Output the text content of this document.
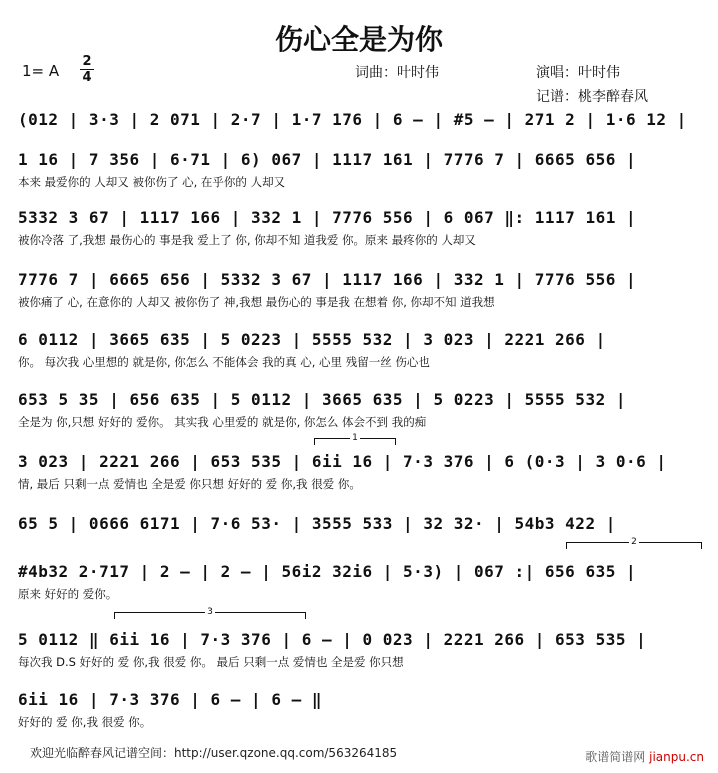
伤心全是为你
1= A
2
4	词曲：叶时伟	演唱：叶时伟
记谱：桃李醉春风
(012 | 3·3 | 2 071 | 2·7 | 1·7 176 | 6 – | #5 – | 271 2 | 1·6 12 |
1 16 | 7 356 | 6·71 | 6) 067 | 1117 161 | 7776 7 | 6665 656 |
本来 最爱你的 人却又 被你伤了 心, 在乎你的 人却又
5332 3 67 | 1117 166 | 332 1 | 7776 556 | 6 067 ‖: 1117 161 |
被你冷落 了,我想 最伤心的 事是我 爱上了 你, 你却不知 道我爱 你。原来 最疼你的 人却又
7776 7 | 6665 656 | 5332 3 67 | 1117 166 | 332 1 | 7776 556 |
被你痛了 心, 在意你的 人却又 被你伤了 神,我想 最伤心的 事是我 在想着 你, 你却不知 道我想
6 0112 | 3665 635 | 5 0223 | 5555 532 | 3 023 | 2221 266 |
你。 每次我 心里想的 就是你, 你怎么 不能体会 我的真 心, 心里 残留一丝 伤心也
653 5 35 | 656 635 | 5 0112 | 3665 635 | 5 0223 | 5555 532 |
全是为 你,只想 好好的 爱你。 其实我 心里爱的 就是你, 你怎么 体会不到 我的痴
1
3 023 | 2221 266 | 653 535 | 6ii 16 | 7·3 376 | 6 (0·3 | 3 0·6 |
情, 最后 只剩一点 爱情也 全是爱 你只想 好好的 爱 你,我 很爱 你。
65 5 | 0666 6171 | 7·6 53· | 3555 533 | 32 32· | 54b3 422 |
2
#4b32 2·717 | 2 – | 2 – | 56i2 32i6 | 5·3) | 067 :| 656 635 |
原来 好好的 爱你。
3
5 0112 ‖ 6ii 16 | 7·3 376 | 6 – | 0 023 | 2221 266 | 653 535 |
每次我 D.S 好好的 爱 你,我 很爱 你。 最后 只剩一点 爱情也 全是爱 你只想
6ii 16 | 7·3 376 | 6 – | 6 – ‖
好好的 爱 你,我 很爱 你。
欢迎光临醉春风记谱空间：http://user.qzone.qq.com/563264185	歌谱简谱网 jianpu.cn
